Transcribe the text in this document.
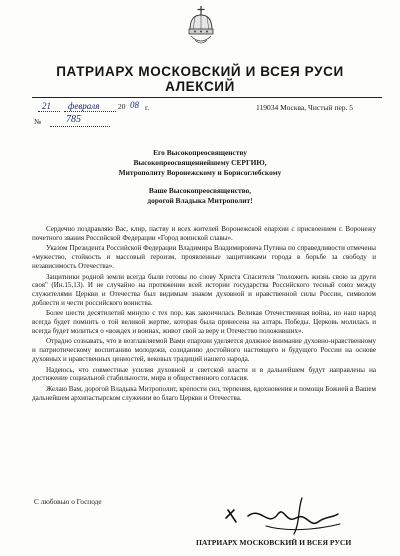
ПАТРИАРХ МОСКОВСКИЙ И ВСЕЯ РУСИ
АЛЕКСИЙ
21 февраля 20 08 г.	119034 Москва, Чистый пер. 5
№ 785
Его Высокопреосвященству
Высокопреосвященнейшему СЕРГИЮ,
Митрополиту Воронежскому и Борисоглебскому
Ваше Высокопреосвященство,
дорогой Владыка Митрополит!

Сердечно поздравляю Вас, клир, паству и всех жителей Воронежской епархии с присвоением г. Воронежу почетного звания Российской Федерации «Город воинской славы».

Указом Президента Российской Федерации Владимира Владимировича Путина по справедливости отмечены «мужество, стойкость и массовый героизм, проявленные защитниками города в борьбе за свободу и независимость Отечества».

Защитники родной земли всегда были готовы по слову Христа Спасителя "положить жизнь свою за други своя" (Ин.15,13). И не случайно на протяжении всей истории государства Российского тесный союз между служителями Церкви и Отечества был видимым знаком духовной и нравственной силы России, символом доблести и чести российского воинства.

Более шести десятилетий минуло с тех пор, как закончилась Великая Отечественная война, но наш народ всегда будет помнить о той великой жертве, которая была принесена на алтарь Победы. Церковь молилась и всегда будет молиться о «вождех и воинах, живот свой за веру и Отечество положивших».

Отрадно сознавать, что в возглавляемой Вами епархии уделяется должное внимание духовно-нравственному и патриотическому воспитанию молодежи, созиданию достойного настоящего и будущего России на основе духовных и нравственных ценностей, вековых традиций нашего народа.

Надеюсь, что совместные усилия духовной и светской власти и в дальнейшем будут направлены на достижение социальной стабильности, мира и общественного согласия.

Желаю Вам, дорогой Владыка Митрополит, крепости сил, терпения, вдохновения и помощи Божией в Вашем дальнейшем архипастырском служении во благо Церкви и Отечества.

С любовью о Господе
ПАТРИАРХ МОСКОВСКИЙ И ВСЕЯ РУСИ
